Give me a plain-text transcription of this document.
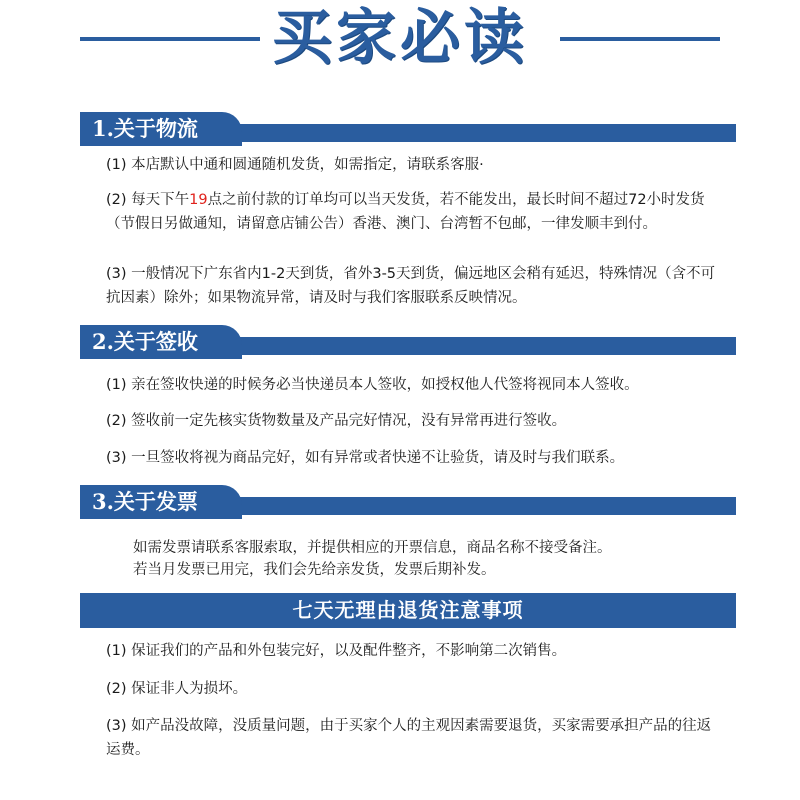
买家必读
1.关于物流
(1) 本店默认中通和圆通随机发货，如需指定，请联系客服·
(2) 每天下午19点之前付款的订单均可以当天发货，若不能发出，最长时间不超过72小时发货（节假日另做通知，请留意店铺公告）香港、澳门、台湾暂不包邮，一律发顺丰到付。
(3) 一般情况下广东省内1-2天到货，省外3-5天到货，偏远地区会稍有延迟，特殊情况（含不可抗因素）除外；如果物流异常，请及时与我们客服联系反映情况。
2.关于签收
(1) 亲在签收快递的时候务必当快递员本人签收，如授权他人代签将视同本人签收。
(2) 签收前一定先核实货物数量及产品完好情况，没有异常再进行签收。
(3) 一旦签收将视为商品完好，如有异常或者快递不让验货，请及时与我们联系。
3.关于发票
如需发票请联系客服索取，并提供相应的开票信息，商品名称不接受备注。
若当月发票已用完，我们会先给亲发货，发票后期补发。
七天无理由退货注意事项
(1) 保证我们的产品和外包装完好，以及配件整齐，不影响第二次销售。
(2) 保证非人为损坏。
(3) 如产品没故障，没质量问题，由于买家个人的主观因素需要退货，买家需要承担产品的往返运费。
